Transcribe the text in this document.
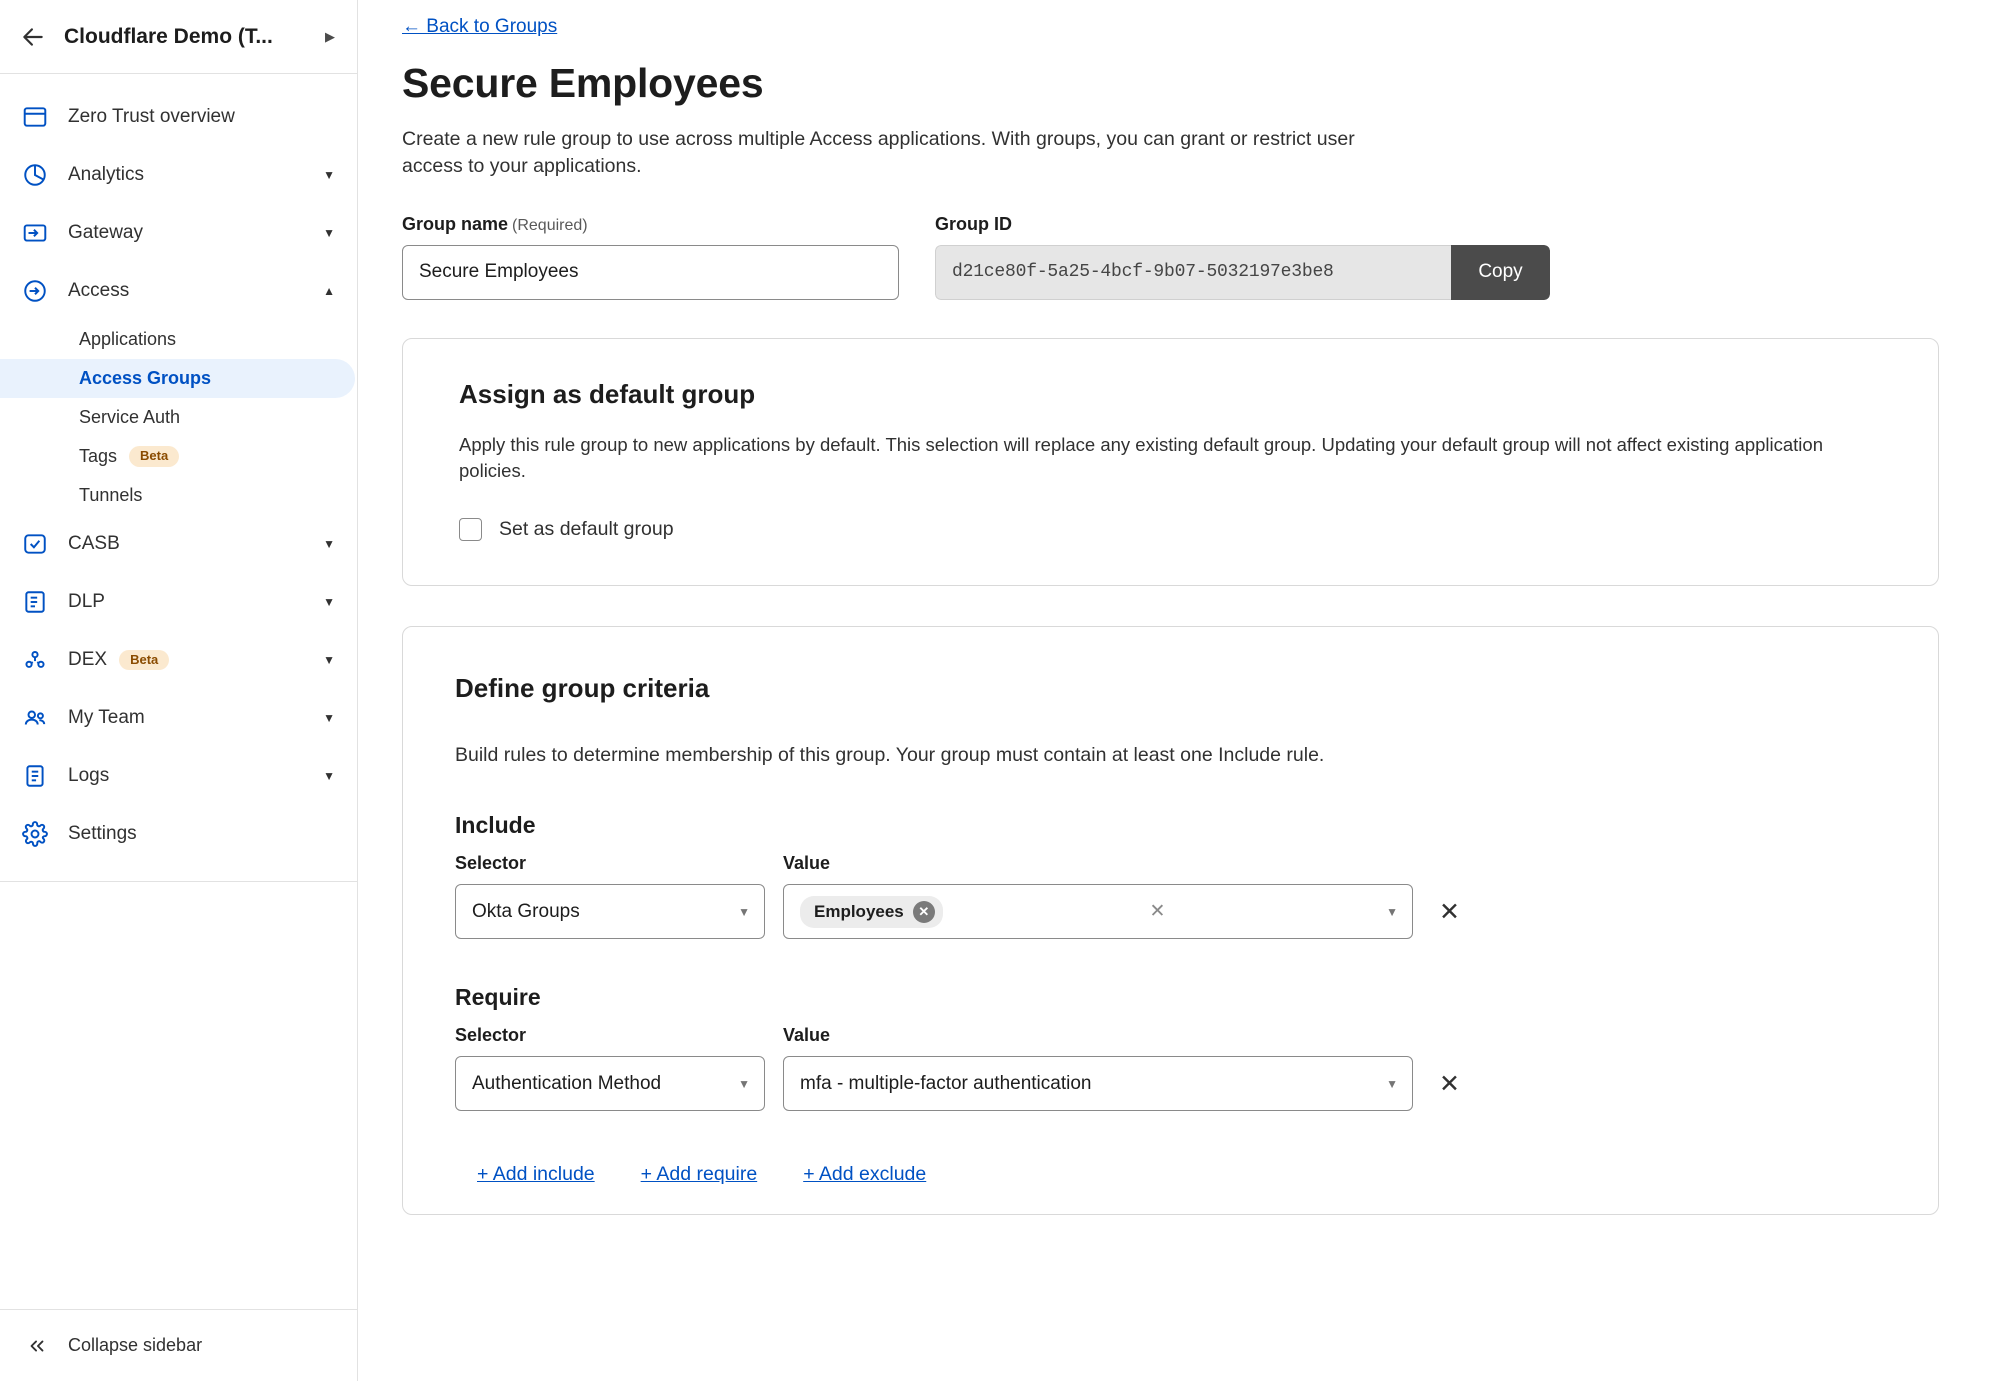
Cloudflare Demo (T...	▶
Zero Trust overview
Analytics	▼
Gateway	▼
Access	▲
Applications
Access Groups
Service Auth
Tags	Beta
Tunnels
CASB	▼
DLP	▼
DEX	Beta	▼
My Team	▼
Logs	▼
Settings
Collapse sidebar
← Back to Groups
Secure Employees

Create a new rule group to use across multiple Access applications. With groups, you can grant or restrict user access to your applications.

Group name (Required)
Secure Employees	Group ID
d21ce80f-5a25-4bcf-9b07-5032197e3be8	Copy
Assign as default group

Apply this rule group to new applications by default. This selection will replace any existing default group. Updating your default group will not affect existing application policies.

Set as default group
Define group criteria

Build rules to determine membership of this group. Your group must contain at least one Include rule.

Include
Selector
Okta Groups	▼
Value
Employees	✕	✕	▼	✕
Require
Selector
Authentication Method	▼
Value
mfa - multiple-factor authentication	▼	✕
+ Add include + Add require + Add exclude
